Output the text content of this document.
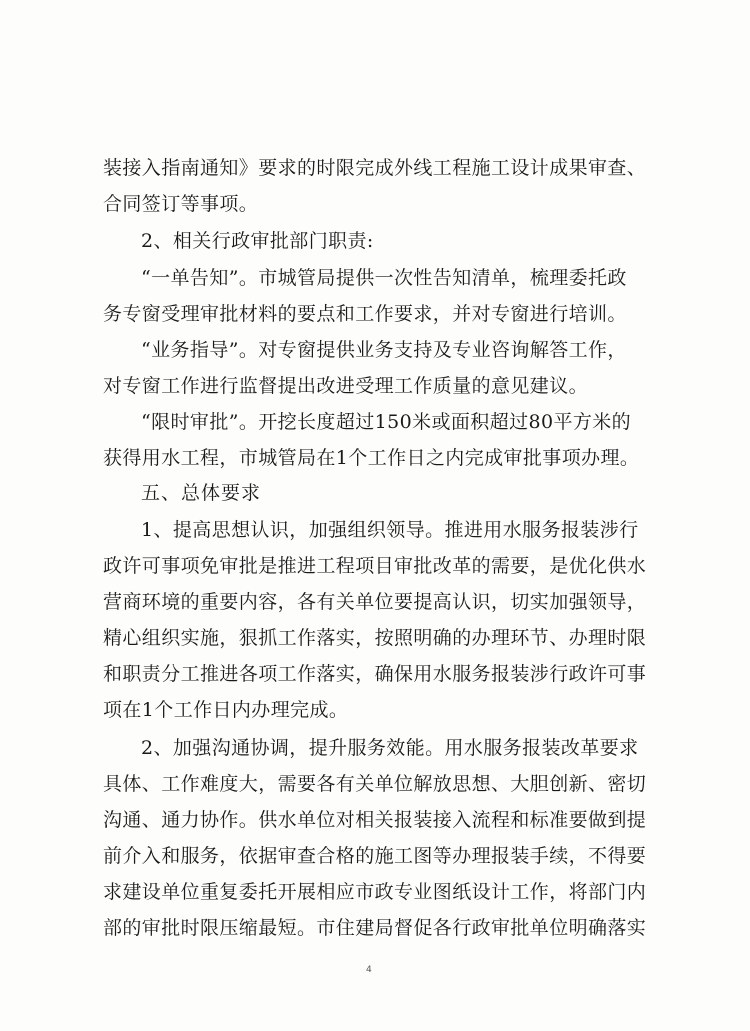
装接入指南通知》要求的时限完成外线工程施工设计成果审查、
合同签订等事项。
2、相关行政审批部门职责:
“一单告知”。市城管局提供一次性告知清单，梳理委托政
务专窗受理审批材料的要点和工作要求，并对专窗进行培训。
“业务指导”。对专窗提供业务支持及专业咨询解答工作，
对专窗工作进行监督提出改进受理工作质量的意见建议。
“限时审批”。开挖长度超过150米或面积超过80平方米的
获得用水工程，市城管局在1个工作日之内完成审批事项办理。
五、总体要求
1、提高思想认识，加强组织领导。推进用水服务报装涉行
政许可事项免审批是推进工程项目审批改革的需要，是优化供水
营商环境的重要内容，各有关单位要提高认识，切实加强领导，
精心组织实施，狠抓工作落实，按照明确的办理环节、办理时限
和职责分工推进各项工作落实，确保用水服务报装涉行政许可事
项在1个工作日内办理完成。
2、加强沟通协调，提升服务效能。用水服务报装改革要求
具体、工作难度大，需要各有关单位解放思想、大胆创新、密切
沟通、通力协作。供水单位对相关报装接入流程和标准要做到提
前介入和服务，依据审查合格的施工图等办理报装手续，不得要
求建设单位重复委托开展相应市政专业图纸设计工作，将部门内
部的审批时限压缩最短。市住建局督促各行政审批单位明确落实
4
